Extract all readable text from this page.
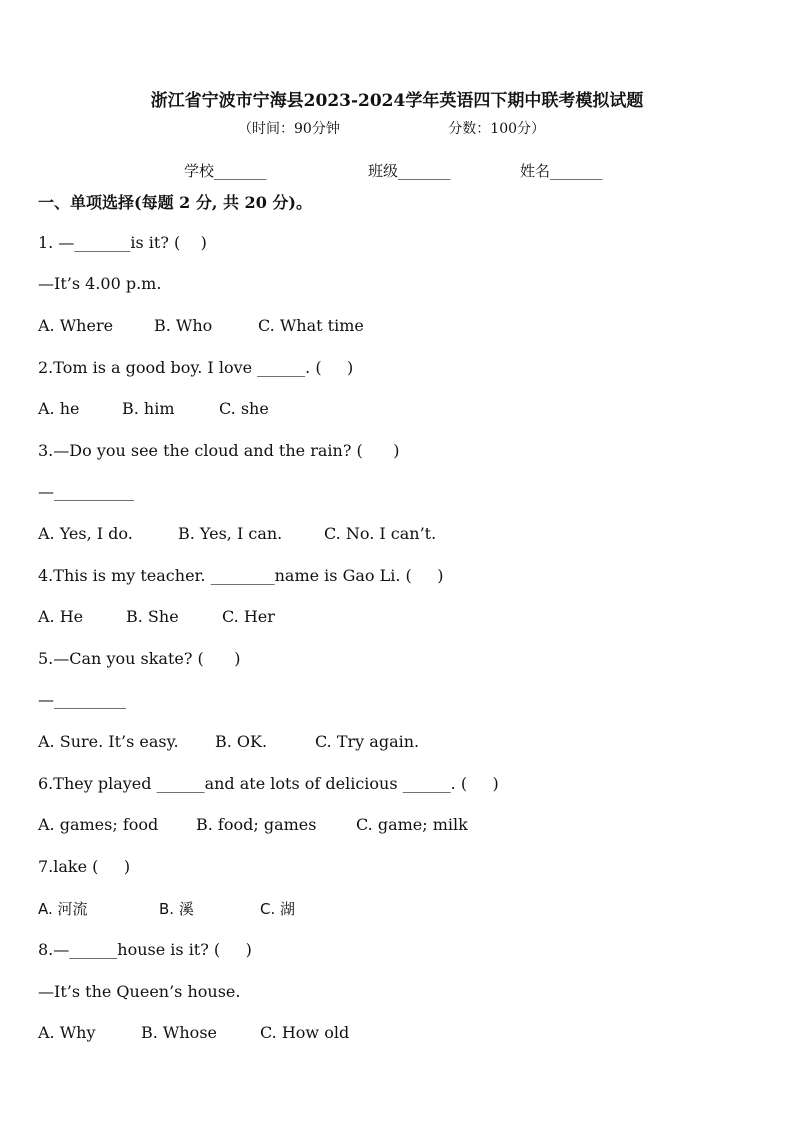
浙江省宁波市宁海县2023-2024学年英语四下期中联考模拟试题
（时间：90分钟	分数：100分）
学校_______	班级_______	姓名_______
一、单项选择(每题 2 分, 共 20 分)。
1. —_______is it? (    )
—It’s 4.00 p.m.
A. Where	B. Who	C. What time
2.Tom is a good boy. I love ______. (     )
A. he	B. him	C. she
3.—Do you see the cloud and the rain? (      )
—__________
A. Yes, I do.	B. Yes, I can.	C. No. I can’t.
4.This is my teacher. ________name is Gao Li. (     )
A. He	B. She	C. Her
5.—Can you skate? (      )
—_________
A. Sure. It’s easy. B. OK.	C. Try again.
6.They played ______and ate lots of delicious ______. (     )
A. games; food B. food; games C. game; milk
7.lake (     )
A. 河流	B. 溪	C. 湖
8.—______house is it? (     )
—It’s the Queen’s house.
A. Why	B. Whose	C. How old
